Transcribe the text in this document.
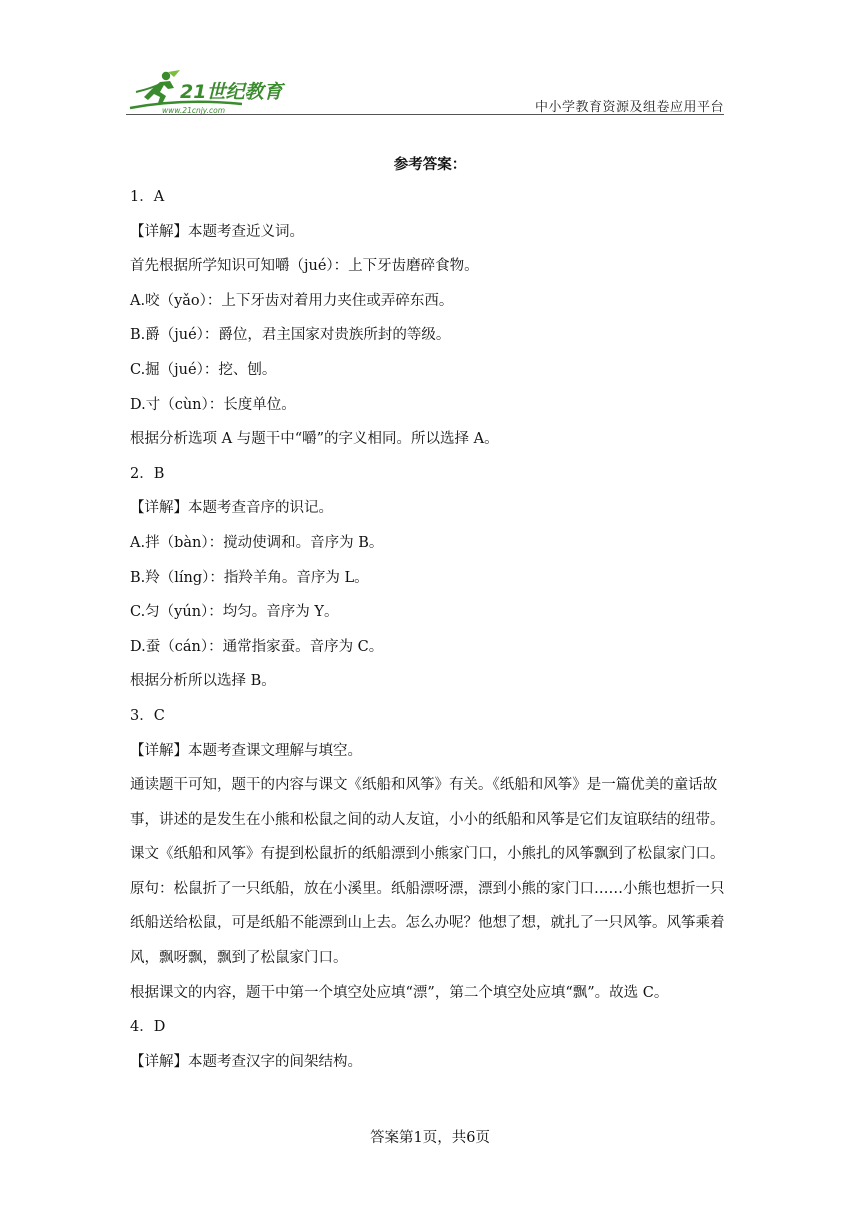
21世纪教育
www.21cnjy.com	中小学教育资源及组卷应用平台
参考答案：
1．A
【详解】本题考查近义词。
首先根据所学知识可知嚼（jué）：上下牙齿磨碎食物。
A.咬（yǎo）：上下牙齿对着用力夹住或弄碎东西。
B.爵（jué）：爵位，君主国家对贵族所封的等级。
C.掘（jué）：挖、刨。
D.寸（cùn）：长度单位。
根据分析选项 A 与题干中“嚼”的字义相同。所以选择 A。
2．B
【详解】本题考查音序的识记。
A.拌（bàn）：搅动使调和。音序为 B。
B.羚（líng）：指羚羊角。音序为 L。
C.匀（yún）：均匀。音序为 Y。
D.蚕（cán）：通常指家蚕。音序为 C。
根据分析所以选择 B。
3．C
【详解】本题考查课文理解与填空。
通读题干可知，题干的内容与课文《纸船和风筝》有关。《纸船和风筝》是一篇优美的童话故事，讲述的是发生在小熊和松鼠之间的动人友谊，小小的纸船和风筝是它们友谊联结的纽带。
课文《纸船和风筝》有提到松鼠折的纸船漂到小熊家门口，小熊扎的风筝飘到了松鼠家门口。原句：松鼠折了一只纸船，放在小溪里。纸船漂呀漂，漂到小熊的家门口……小熊也想折一只纸船送给松鼠，可是纸船不能漂到山上去。怎么办呢？他想了想，就扎了一只风筝。风筝乘着风，飘呀飘，飘到了松鼠家门口。
根据课文的内容，题干中第一个填空处应填“漂”，第二个填空处应填“飘”。故选 C。
4．D
【详解】本题考查汉字的间架结构。
答案第1页，共6页
